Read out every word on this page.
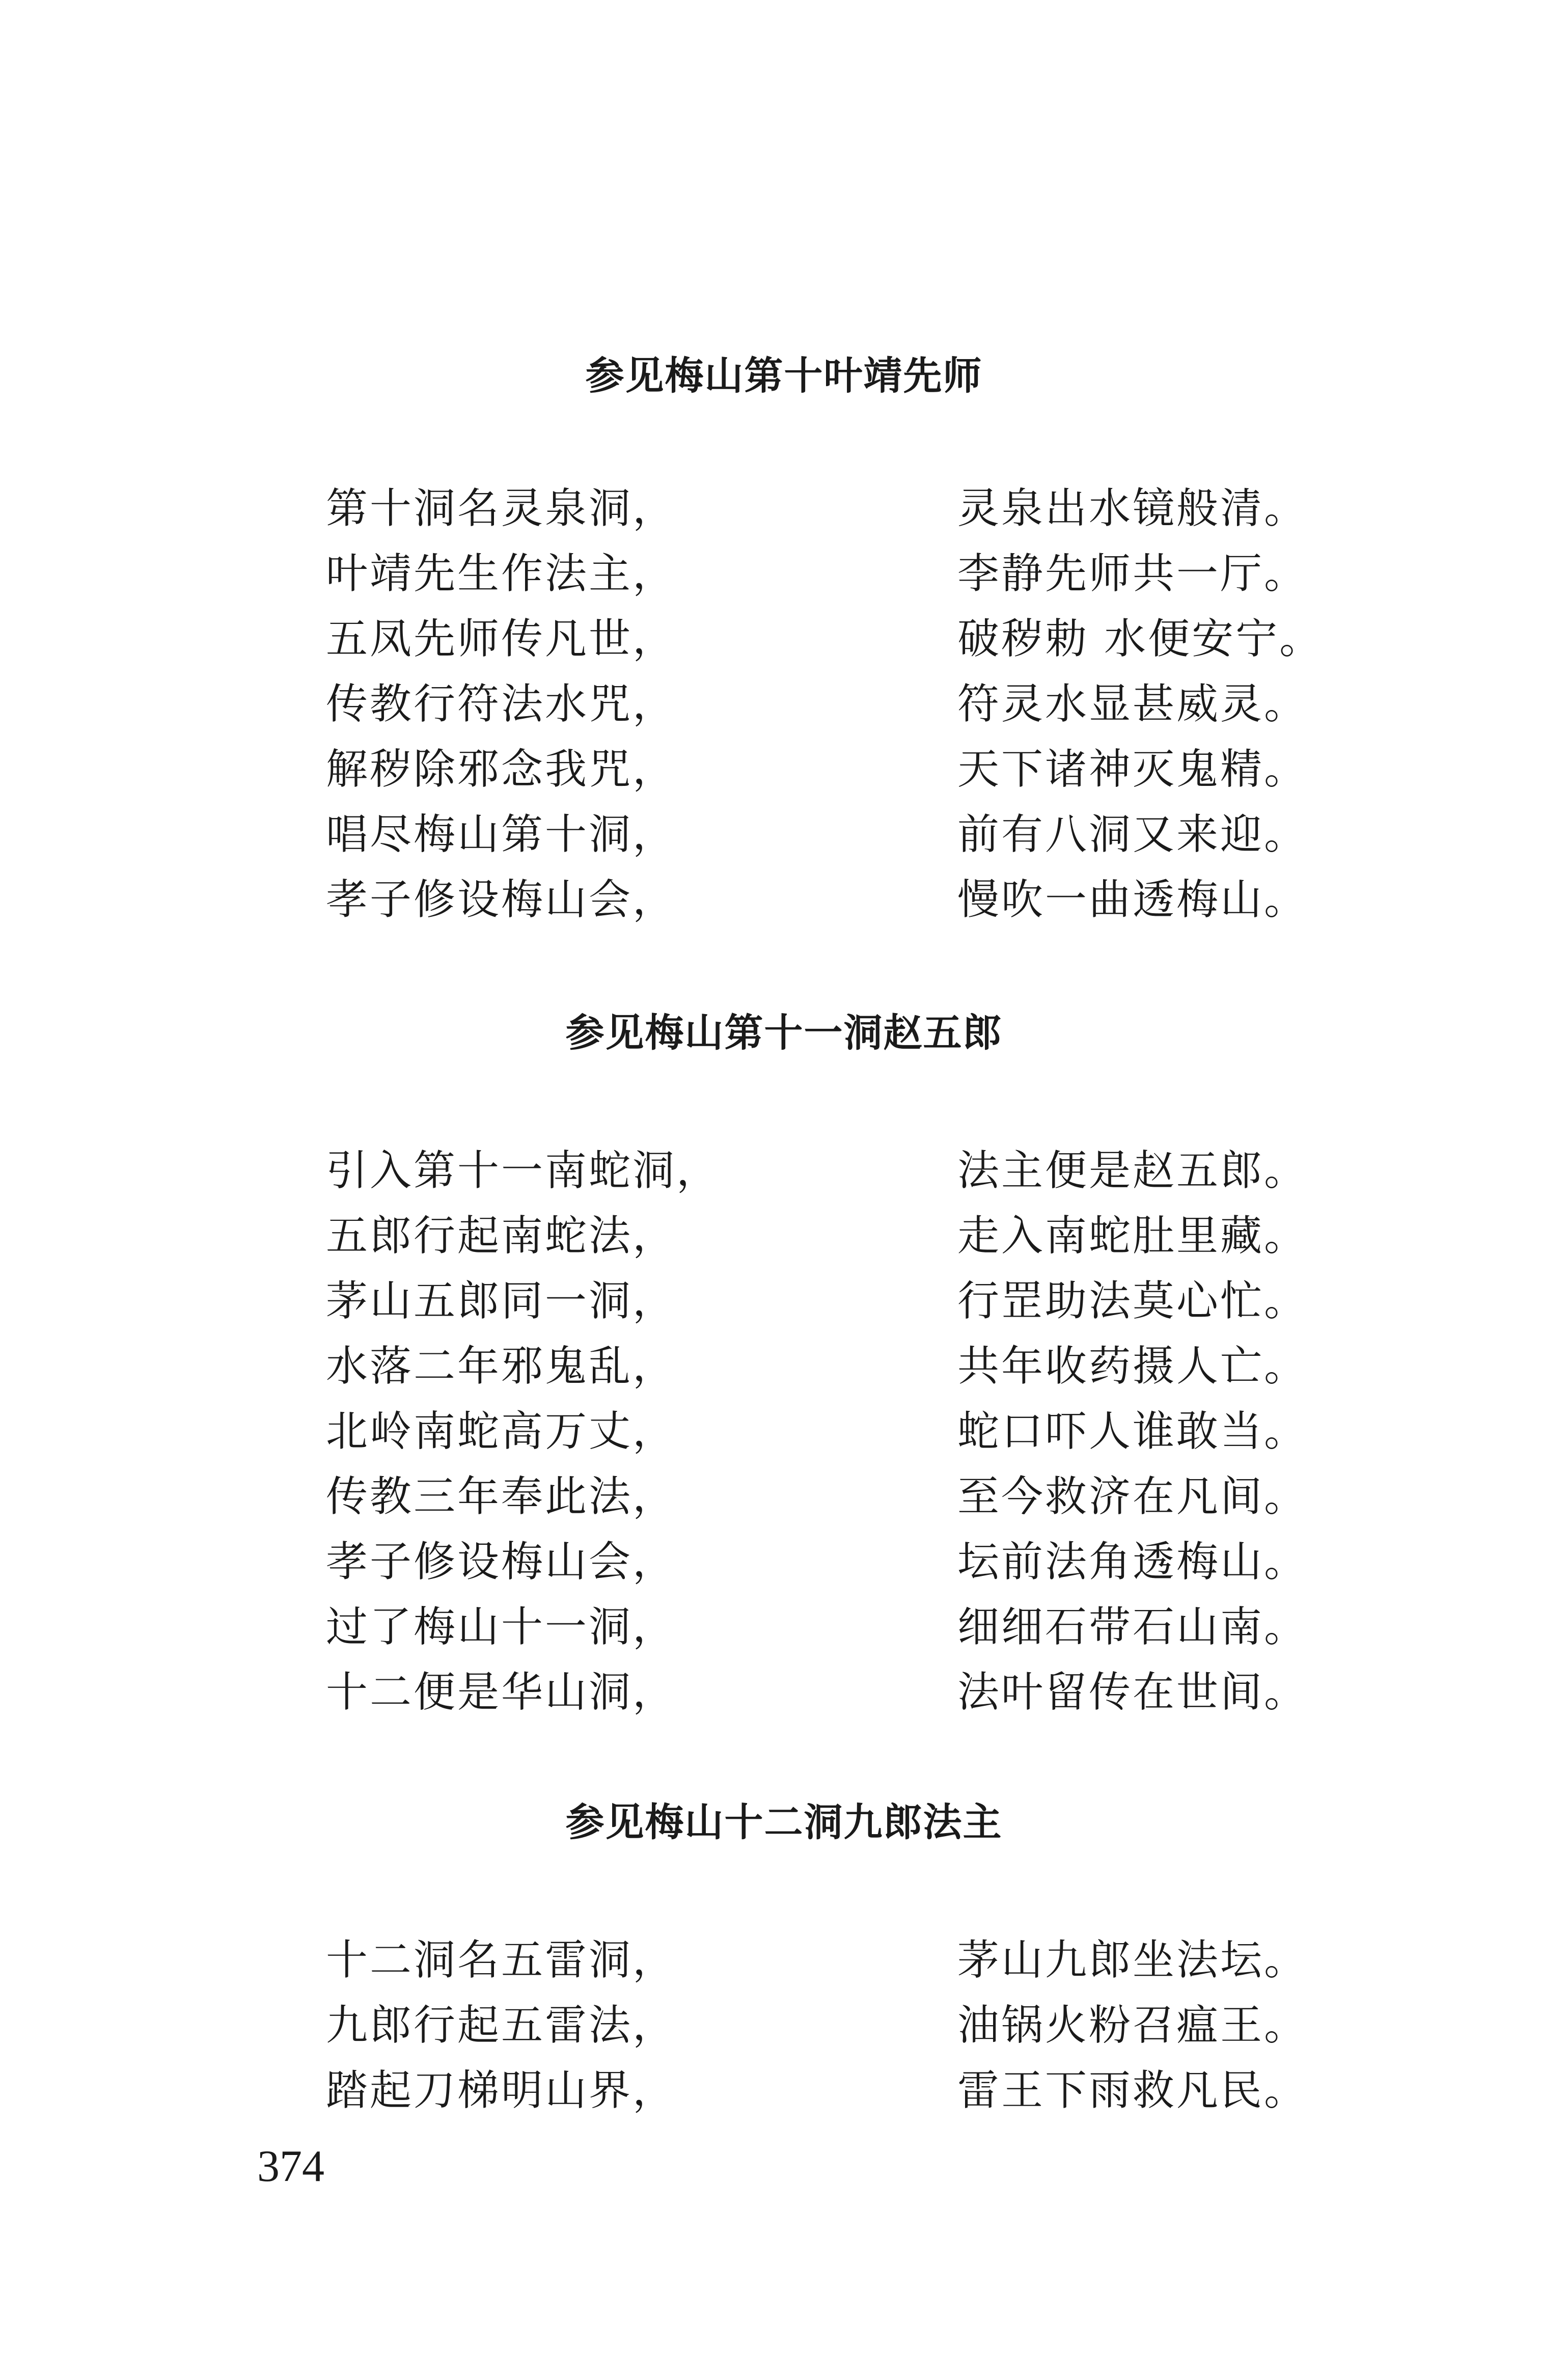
参见梅山第十叶靖先师
第十洞名灵泉洞，	灵泉出水镜般清。
叶靖先生作法主，	李静先师共一厅。
五凤先师传凡世，	破秽勅 水便安宁。
传教行符法水咒，	符灵水显甚威灵。
解秽除邪念我咒，	天下诸神灭鬼精。
唱尽梅山第十洞，	前有八洞又来迎。
孝子修设梅山会，	慢吹一曲透梅山。
参见梅山第十一洞赵五郎
引入第十一南蛇洞，	法主便是赵五郎。
五郎行起南蛇法，	走入南蛇肚里藏。
茅山五郎同一洞，	行罡助法莫心忙。
水落二年邪鬼乱，	共年收药摄人亡。
北岭南蛇高万丈，	蛇口吓人谁敢当。
传教三年奉此法，	至今救济在凡间。
孝子修设梅山会，	坛前法角透梅山。
过了梅山十一洞，	细细石带石山南。
十二便是华山洞，	法叶留传在世间。
参见梅山十二洞九郎法主
十二洞名五雷洞，	茅山九郎坐法坛。
九郎行起五雷法，	油锅火粉召瘟王。
踏起刀梯明山界，	雷王下雨救凡民。
374
